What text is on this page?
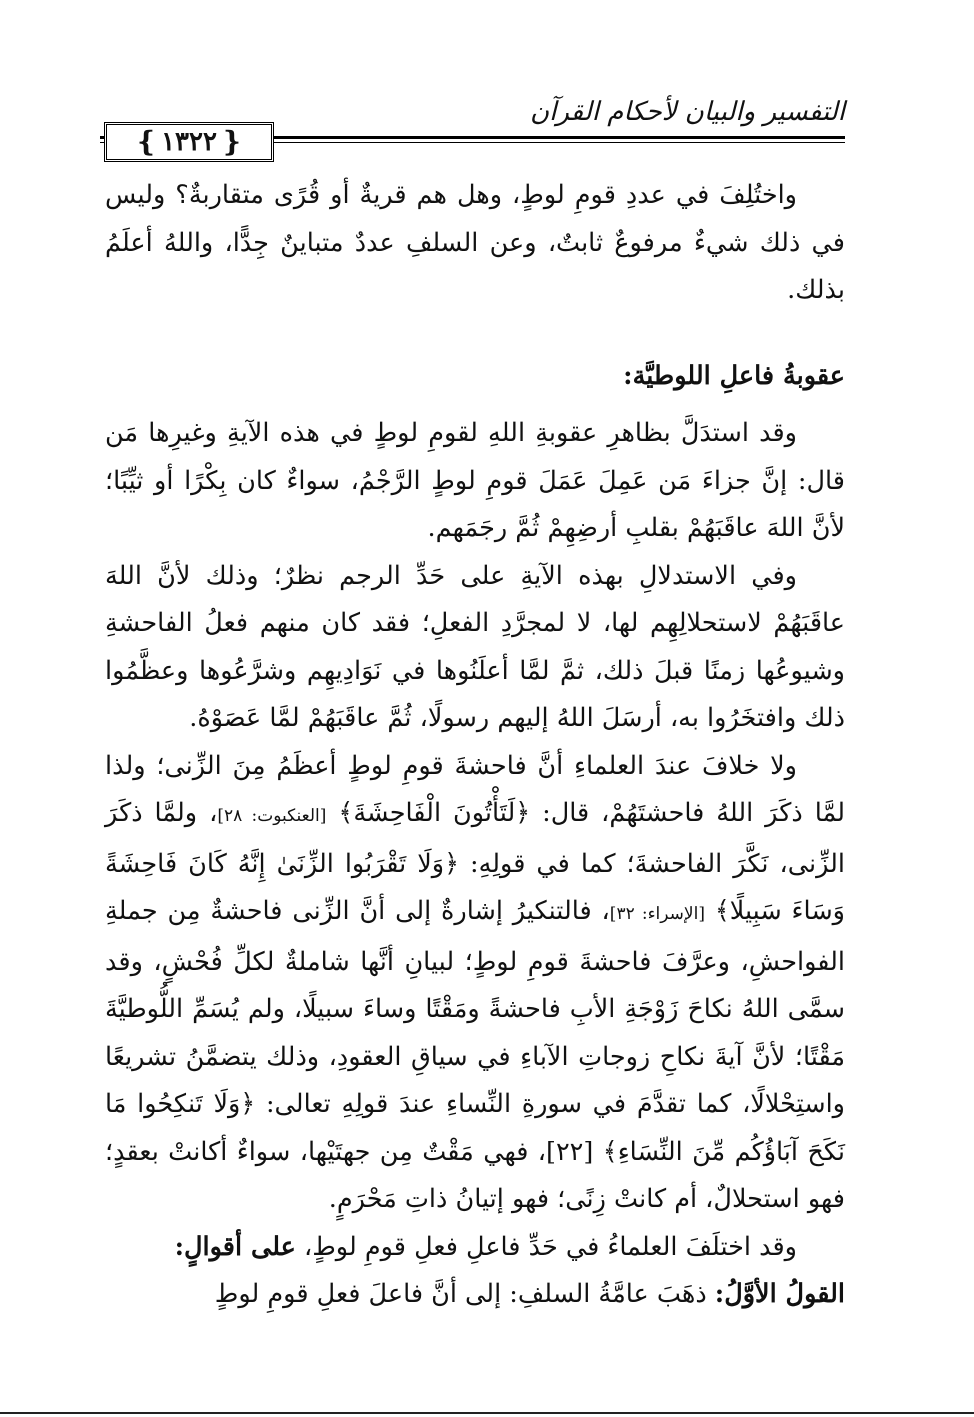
التفسير والبيان لأحكام القرآن
❴ ١٣٢٢ ❵

واختُلِفَ في عددِ قومِ لوطٍ، وهل هم قريةٌ أو قُرًى متقاربةٌ؟ وليس في ذلك شيءٌ مرفوعٌ ثابتٌ، وعن السلفِ عددٌ متباينٌ جِدًّا، واللهُ أعلَمُ بذلك.

عقوبةُ فاعلِ اللوطيَّة:

وقد استدَلَّ بظاهرِ عقوبةِ اللهِ لقومِ لوطٍ في هذه الآيةِ وغيرِها مَن قال: إنَّ جزاءَ مَن عَمِلَ عَمَلَ قومِ لوطٍ الرَّجْمُ، سواءٌ كان بِكْرًا أو ثيِّبًا؛ لأنَّ اللهَ عاقَبَهُمْ بقلبِ أرضِهِمْ ثُمَّ رجَمَهم.

وفي الاستدلالِ بهذه الآيةِ على حَدِّ الرجم نظرٌ؛ وذلك لأنَّ اللهَ عاقَبَهُمْ لاستحلالِهِم لها، لا لمجرَّدِ الفعلِ؛ فقد كان منهم فعلُ الفاحشةِ وشيوعُها زمنًا قبلَ ذلك، ثمَّ لمَّا أعلَنُوها في نَوَادِيهِم وشرَّعُوها وعظَّمُوا ذلك وافتخَرُوا به، أرسَلَ اللهُ إليهم رسولًا، ثُمَّ عاقَبَهُمْ لمَّا عَصَوْهُ.

ولا خلافَ عندَ العلماءِ أنَّ فاحشةَ قومِ لوطٍ أعظَمُ مِنَ الزِّنى؛ ولذا لمَّا ذكَرَ اللهُ فاحشتَهُمْ، قال: ﴿لَتَأْتُونَ الْفَاحِشَةَ﴾ [العنكبوت: ٢٨]، ولمَّا ذكَرَ الزِّنى، نَكَّرَ الفاحشةَ؛ كما في قولِهِ: ﴿وَلَا تَقْرَبُوا الزِّنَىٰ إِنَّهُ كَانَ فَاحِشَةً وَسَاءَ سَبِيلًا﴾ [الإسراء: ٣٢]، فالتنكيرُ إشارةٌ إلى أنَّ الزِّنى فاحشةٌ مِن جملةِ الفواحشِ، وعرَّفَ فاحشةَ قومِ لوطٍ؛ لبيانِ أنَّها شاملةٌ لكلِّ فُحْشٍ، وقد سمَّى اللهُ نكاحَ زَوْجَةِ الأبِ فاحشةً ومَقْتًا وساءَ سبيلًا، ولم يُسَمِّ اللُّوطيَّةَ مَقْتًا؛ لأنَّ آيةَ نكاحِ زوجاتِ الآباءِ في سياقِ العقودِ، وذلك يتضمَّنُ تشريعًا واستِحْلالًا، كما تقدَّمَ في سورةِ النِّساءِ عندَ قولِهِ تعالى: ﴿وَلَا تَنكِحُوا مَا نَكَحَ آبَاؤُكُم مِّنَ النِّسَاءِ﴾ [٢٢]، فهي مَقْتٌ مِن جهتَيْها، سواءٌ أكانتْ بعقدٍ؛ فهو استحلالٌ، أم كانتْ زِنًى؛ فهو إتيانُ ذاتِ مَحْرَمٍ.

وقد اختلَفَ العلماءُ في حَدِّ فاعلِ فعلِ قومِ لوطٍ، على أقوالٍ:

القولُ الأوَّلُ: ذهَبَ عامَّةُ السلفِ: إلى أنَّ فاعلَ فعلِ قومِ لوطٍ
